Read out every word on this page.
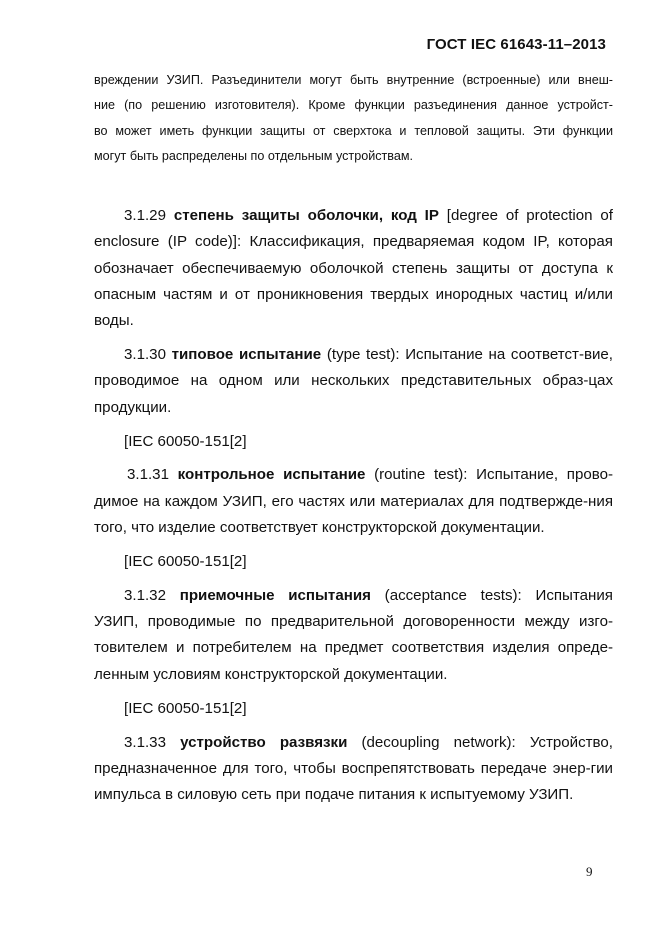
ГОСТ IEC 61643-11–2013
вреждении УЗИП. Разъединители могут быть внутренние (встроенные) или внеш-
ние (по решению изготовителя). Кроме функции разъединения данное устройст-
во может иметь функции защиты от сверхтока и тепловой защиты. Эти функции
могут быть распределены по отдельным устройствам.

3.1.29 степень защиты оболочки, код IP [degree of protection of enclosure (IP code)]: Классификация, предваряемая кодом IP, которая обозначает обеспечиваемую оболочкой степень защиты от доступа к опасным частям и от проникновения твердых инородных частиц и/или воды.

3.1.30 типовое испытание (type test): Испытание на соответст-вие, проводимое на одном или нескольких представительных образ-цах продукции.

[IEC 60050-151[2]

3.1.31 контрольное испытание (routine test): Испытание, прово-димое на каждом УЗИП, его частях или материалах для подтвержде-ния того, что изделие соответствует конструкторской документации.

[IEC 60050-151[2]

3.1.32 приемочные испытания (acceptance tests): Испытания УЗИП, проводимые по предварительной договоренности между изго-товителем и потребителем на предмет соответствия изделия опреде-ленным условиям конструкторской документации.

[IEC 60050-151[2]

3.1.33 устройство развязки (decoupling network): Устройство, предназначенное для того, чтобы воспрепятствовать передаче энер-гии импульса в силовую сеть при подаче питания к испытуемому УЗИП.

9
